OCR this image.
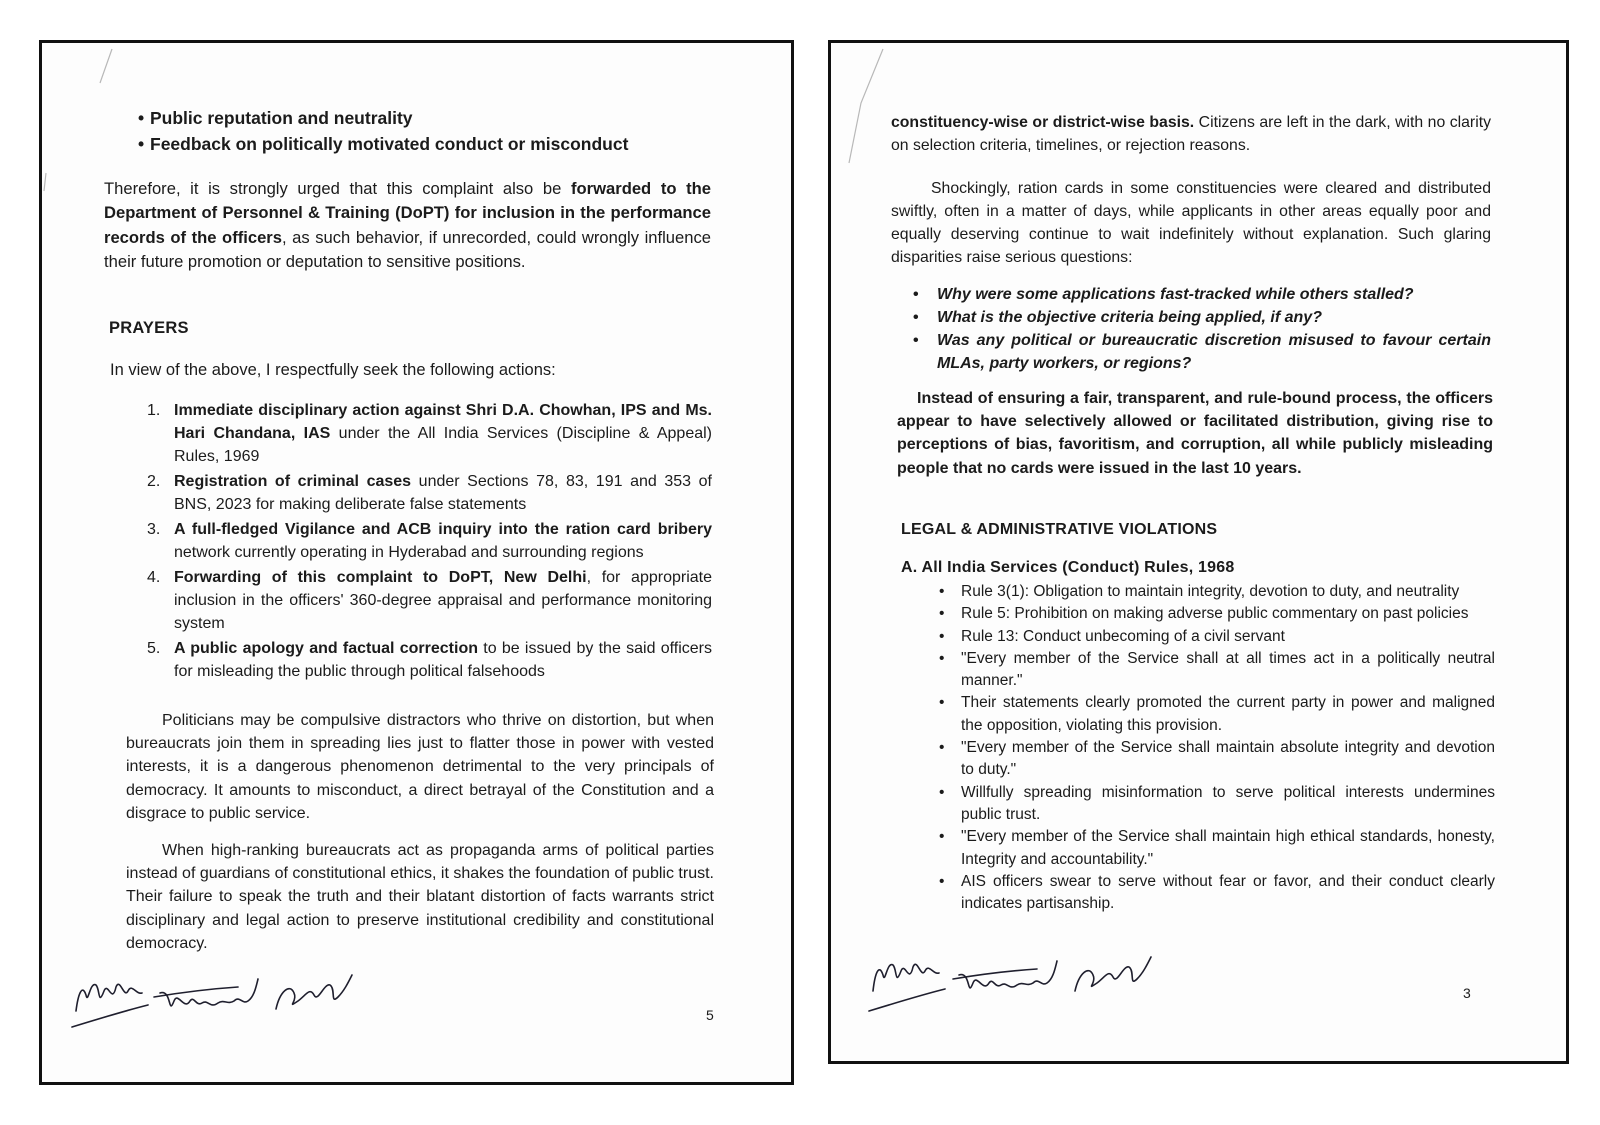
• Public reputation and neutrality
• Feedback on politically motivated conduct or misconduct

Therefore, it is strongly urged that this complaint also be forwarded to the Department of Personnel & Training (DoPT) for inclusion in the performance records of the officers, as such behavior, if unrecorded, could wrongly influence their future promotion or deputation to sensitive positions.

PRAYERS
In view of the above, I respectfully seek the following actions:
1. Immediate disciplinary action against Shri D.A. Chowhan, IPS and Ms. Hari Chandana, IAS under the All India Services (Discipline & Appeal) Rules, 1969
2. Registration of criminal cases under Sections 78, 83, 191 and 353 of BNS, 2023 for making deliberate false statements
3. A full-fledged Vigilance and ACB inquiry into the ration card bribery network currently operating in Hyderabad and surrounding regions
4. Forwarding of this complaint to DoPT, New Delhi, for appropriate inclusion in the officers' 360-degree appraisal and performance monitoring system
5. A public apology and factual correction to be issued by the said officers for misleading the public through political falsehoods

Politicians may be compulsive distractors who thrive on distortion, but when bureaucrats join them in spreading lies just to flatter those in power with vested interests, it is a dangerous phenomenon detrimental to the very principals of democracy. It amounts to misconduct, a direct betrayal of the Constitution and a disgrace to public service.

When high-ranking bureaucrats act as propaganda arms of political parties instead of guardians of constitutional ethics, it shakes the foundation of public trust. Their failure to speak the truth and their blatant distortion of facts warrants strict disciplinary and legal action to preserve institutional credibility and constitutional democracy.

5

constituency-wise or district-wise basis. Citizens are left in the dark, with no clarity on selection criteria, timelines, or rejection reasons.

Shockingly, ration cards in some constituencies were cleared and distributed swiftly, often in a matter of days, while applicants in other areas equally poor and equally deserving continue to wait indefinitely without explanation. Such glaring disparities raise serious questions:

• Why were some applications fast-tracked while others stalled?
• What is the objective criteria being applied, if any?
• Was any political or bureaucratic discretion misused to favour certain MLAs, party workers, or regions?

Instead of ensuring a fair, transparent, and rule-bound process, the officers appear to have selectively allowed or facilitated distribution, giving rise to perceptions of bias, favoritism, and corruption, all while publicly misleading people that no cards were issued in the last 10 years.

LEGAL & ADMINISTRATIVE VIOLATIONS
A. All India Services (Conduct) Rules, 1968
• Rule 3(1): Obligation to maintain integrity, devotion to duty, and neutrality
• Rule 5: Prohibition on making adverse public commentary on past policies
• Rule 13: Conduct unbecoming of a civil servant
• "Every member of the Service shall at all times act in a politically neutral manner."
• Their statements clearly promoted the current party in power and maligned the opposition, violating this provision.
• "Every member of the Service shall maintain absolute integrity and devotion to duty."
• Willfully spreading misinformation to serve political interests undermines public trust.
• "Every member of the Service shall maintain high ethical standards, honesty, Integrity and accountability."
• AIS officers swear to serve without fear or favor, and their conduct clearly indicates partisanship.
3
